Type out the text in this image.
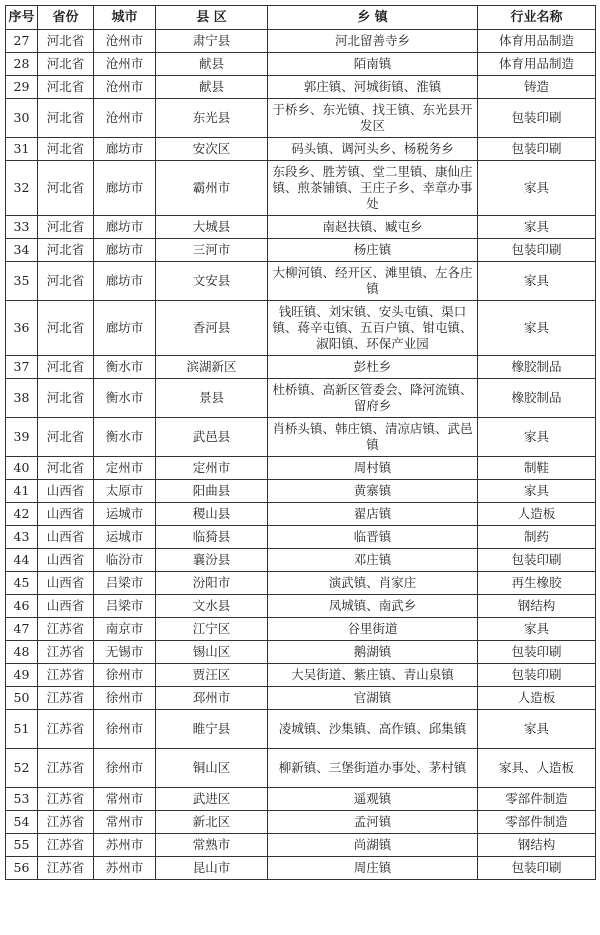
序号	省份	城市	县 区	乡 镇	行业名称
27	河北省	沧州市	肃宁县	河北留善寺乡	体育用品制造
28	河北省	沧州市	献县	陌南镇	体育用品制造
29	河北省	沧州市	献县	郭庄镇、河城街镇、淮镇	铸造
30	河北省	沧州市	东光县	于桥乡、东光镇、找王镇、东光县开发区	包装印刷
31	河北省	廊坊市	安次区	码头镇、调河头乡、杨税务乡	包装印刷
32	河北省	廊坊市	霸州市	东段乡、胜芳镇、堂二里镇、康仙庄镇、煎茶铺镇、王庄子乡、幸章办事处	家具
33	河北省	廊坊市	大城县	南赵扶镇、臧屯乡	家具
34	河北省	廊坊市	三河市	杨庄镇	包装印刷
35	河北省	廊坊市	文安县	大柳河镇、经开区、滩里镇、左各庄镇	家具
36	河北省	廊坊市	香河县	钱旺镇、刘宋镇、安头屯镇、渠口镇、蒋辛屯镇、五百户镇、钳屯镇、淑阳镇、环保产业园	家具
37	河北省	衡水市	滨湖新区	彭杜乡	橡胶制品
38	河北省	衡水市	景县	杜桥镇、高新区管委会、降河流镇、留府乡	橡胶制品
39	河北省	衡水市	武邑县	肖桥头镇、韩庄镇、清凉店镇、武邑镇	家具
40	河北省	定州市	定州市	周村镇	制鞋
41	山西省	太原市	阳曲县	黄寨镇	家具
42	山西省	运城市	稷山县	翟店镇	人造板
43	山西省	运城市	临猗县	临晋镇	制药
44	山西省	临汾市	襄汾县	邓庄镇	包装印刷
45	山西省	吕梁市	汾阳市	演武镇、肖家庄	再生橡胶
46	山西省	吕梁市	文水县	凤城镇、南武乡	钢结构
47	江苏省	南京市	江宁区	谷里街道	家具
48	江苏省	无锡市	锡山区	鹅湖镇	包装印刷
49	江苏省	徐州市	贾汪区	大吴街道、紫庄镇、青山泉镇	包装印刷
50	江苏省	徐州市	邳州市	官湖镇	人造板
51	江苏省	徐州市	睢宁县	凌城镇、沙集镇、高作镇、邱集镇	家具
52	江苏省	徐州市	铜山区	柳新镇、三堡街道办事处、茅村镇	家具、人造板
53	江苏省	常州市	武进区	遥观镇	零部件制造
54	江苏省	常州市	新北区	孟河镇	零部件制造
55	江苏省	苏州市	常熟市	尚湖镇	钢结构
56	江苏省	苏州市	昆山市	周庄镇	包装印刷
